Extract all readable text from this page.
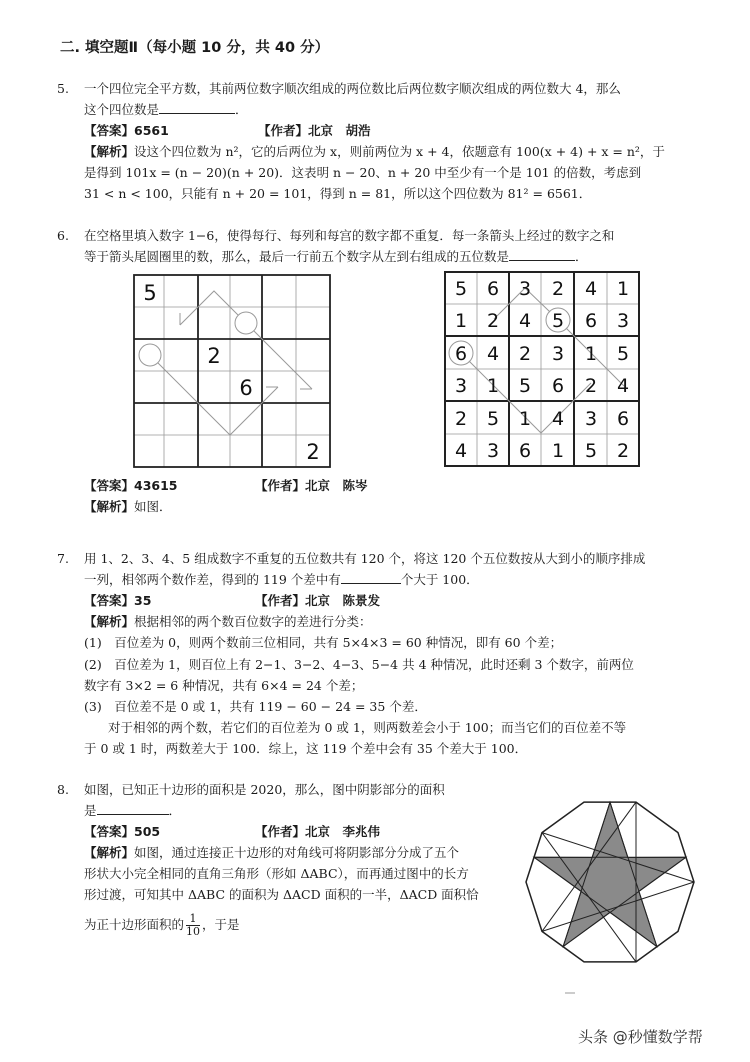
二. 填空题Ⅱ（每小题 10 分，共 40 分）
5. 一个四位完全平方数，其前两位数字顺次组成的两位数比后两位数字顺次组成的两位数大 4，那么
这个四位数是	．
【答案】6561	【作者】北京　胡浩
【解析】设这个四位数为 n²，它的后两位为 x，则前两位为 x + 4，依题意有 100(x + 4) + x = n²，于
是得到 101x = (n − 20)(n + 20)．这表明 n − 20、n + 20 中至少有一个是 101 的倍数，考虑到
31 < n < 100，只能有 n + 20 = 101，得到 n = 81，所以这个四位数为 81² = 6561．
6. 在空格里填入数字 1−6，使得每行、每列和每宫的数字都不重复．每一条箭头上经过的数字之和
等于箭头尾圆圈里的数，那么，最后一行前五个数字从左到右组成的五位数是	．
5
2
6
2
5 6 3 2 4 1
1 2 4 5 6 3
6 4 2 3 1 5
3 1 5 6 2 4
2 5 1 4 3 6
4 3 6 1 5 2
【答案】43615	【作者】北京　陈岑
【解析】如图．
7. 用 1、2、3、4、5 组成数字不重复的五位数共有 120 个，将这 120 个五位数按从大到小的顺序排成
一列，相邻两个数作差，得到的 119 个差中有	个大于 100．
【答案】35	【作者】北京　陈景发
【解析】根据相邻的两个数百位数字的差进行分类：
(1)　百位差为 0，则两个数前三位相同，共有 5×4×3 = 60 种情况，即有 60 个差；
(2)　百位差为 1，则百位上有 2−1、3−2、4−3、5−4 共 4 种情况，此时还剩 3 个数字，前两位
数字有 3×2 = 6 种情况，共有 6×4 = 24 个差；
(3)　百位差不是 0 或 1，共有 119 − 60 − 24 = 35 个差．
对于相邻的两个数，若它们的百位差为 0 或 1，则两数差会小于 100；而当它们的百位差不等
于 0 或 1 时，两数差大于 100．综上，这 119 个差中会有 35 个差大于 100．
8. 如图，已知正十边形的面积是 2020，那么，图中阴影部分的面积
是	．
【答案】505	【作者】北京　李兆伟
【解析】如图，通过连接正十边形的对角线可将阴影部分分成了五个
形状大小完全相同的直角三角形（形如 ΔABC），而再通过图中的长方
形过渡，可知其中 ΔABC 的面积为 ΔACD 面积的一半，ΔACD 面积恰
为正十边形面积的 $\frac{1}{10}$ ，于是
头条 @秒懂数学帮
